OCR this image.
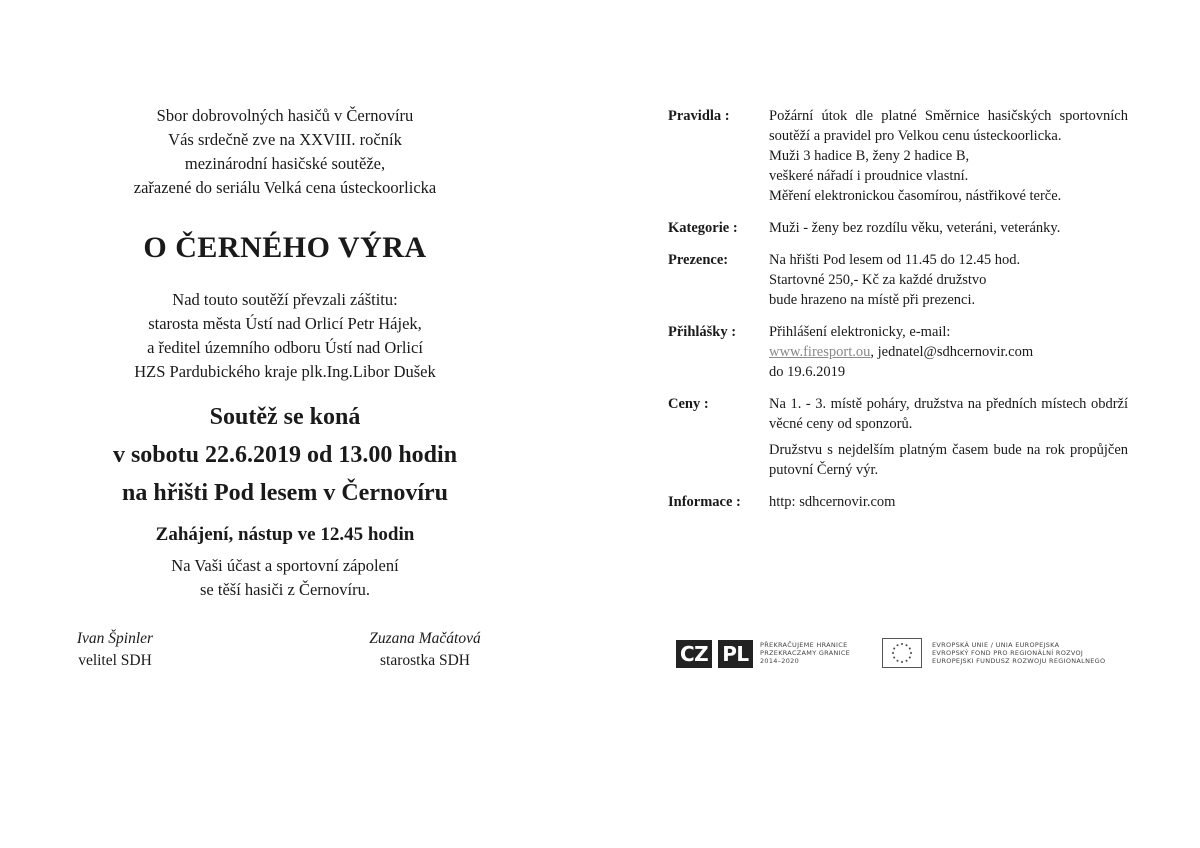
Sbor dobrovolných hasičů v Černovíru

Vás srdečně zve na XXVIII. ročník

mezinárodní hasičské soutěže,

zařazené do seriálu Velká cena ústeckoorlicka

O ČERNÉHO VÝRA

Nad touto soutěží převzali záštitu:

starosta města Ústí nad Orlicí Petr Hájek,

a ředitel územního odboru Ústí nad Orlicí

HZS Pardubického kraje plk.Ing.Libor Dušek

Soutěž se koná

v sobotu 22.6.2019 od 13.00 hodin

na hřišti Pod lesem v Černovíru

Zahájení, nástup ve 12.45 hodin

Na Vaši účast a sportovní zápolení

se těší hasiči z Černovíru.

Ivan Špinler
velitel SDH
Zuzana Mačátová
starostka SDH
Pravidla :	Požární útok dle platné Směrnice hasičských sportovních soutěží a pravidel pro Velkou cenu ústeckoorlicka.

Muži 3 hadice B, ženy 2 hadice B,

veškeré nářadí i proudnice vlastní.

Měření elektronickou časomírou, nástřikové terče.

Kategorie :	Muži - ženy bez rozdílu věku, veteráni, veteránky.
Prezence:	Na hřišti Pod lesem od 11.45 do 12.45 hod.

Startovné 250,- Kč za každé družstvo

bude hrazeno na místě při prezenci.

Přihlášky :	Přihlášení elektronicky, e-mail:

www.firesport.ou, jednatel@sdhcernovir.com

do 19.6.2019

Ceny :	Na 1. - 3. místě poháry, družstva na předních místech obdrží věcné ceny od sponzorů.

Družstvu s nejdelším platným časem bude na rok propůjčen putovní Černý výr.

Informace :	http: sdhcernovir.com
CZ PL	PŘEKRAČUJEME HRANICE
PRZEKRACZAMY GRANICE
2014–2020
EVROPSKÁ UNIE / UNIA EUROPEJSKA
EVROPSKÝ FOND PRO REGIONÁLNÍ ROZVOJ
EUROPEJSKI FUNDUSZ ROZWOJU REGIONALNEGO
